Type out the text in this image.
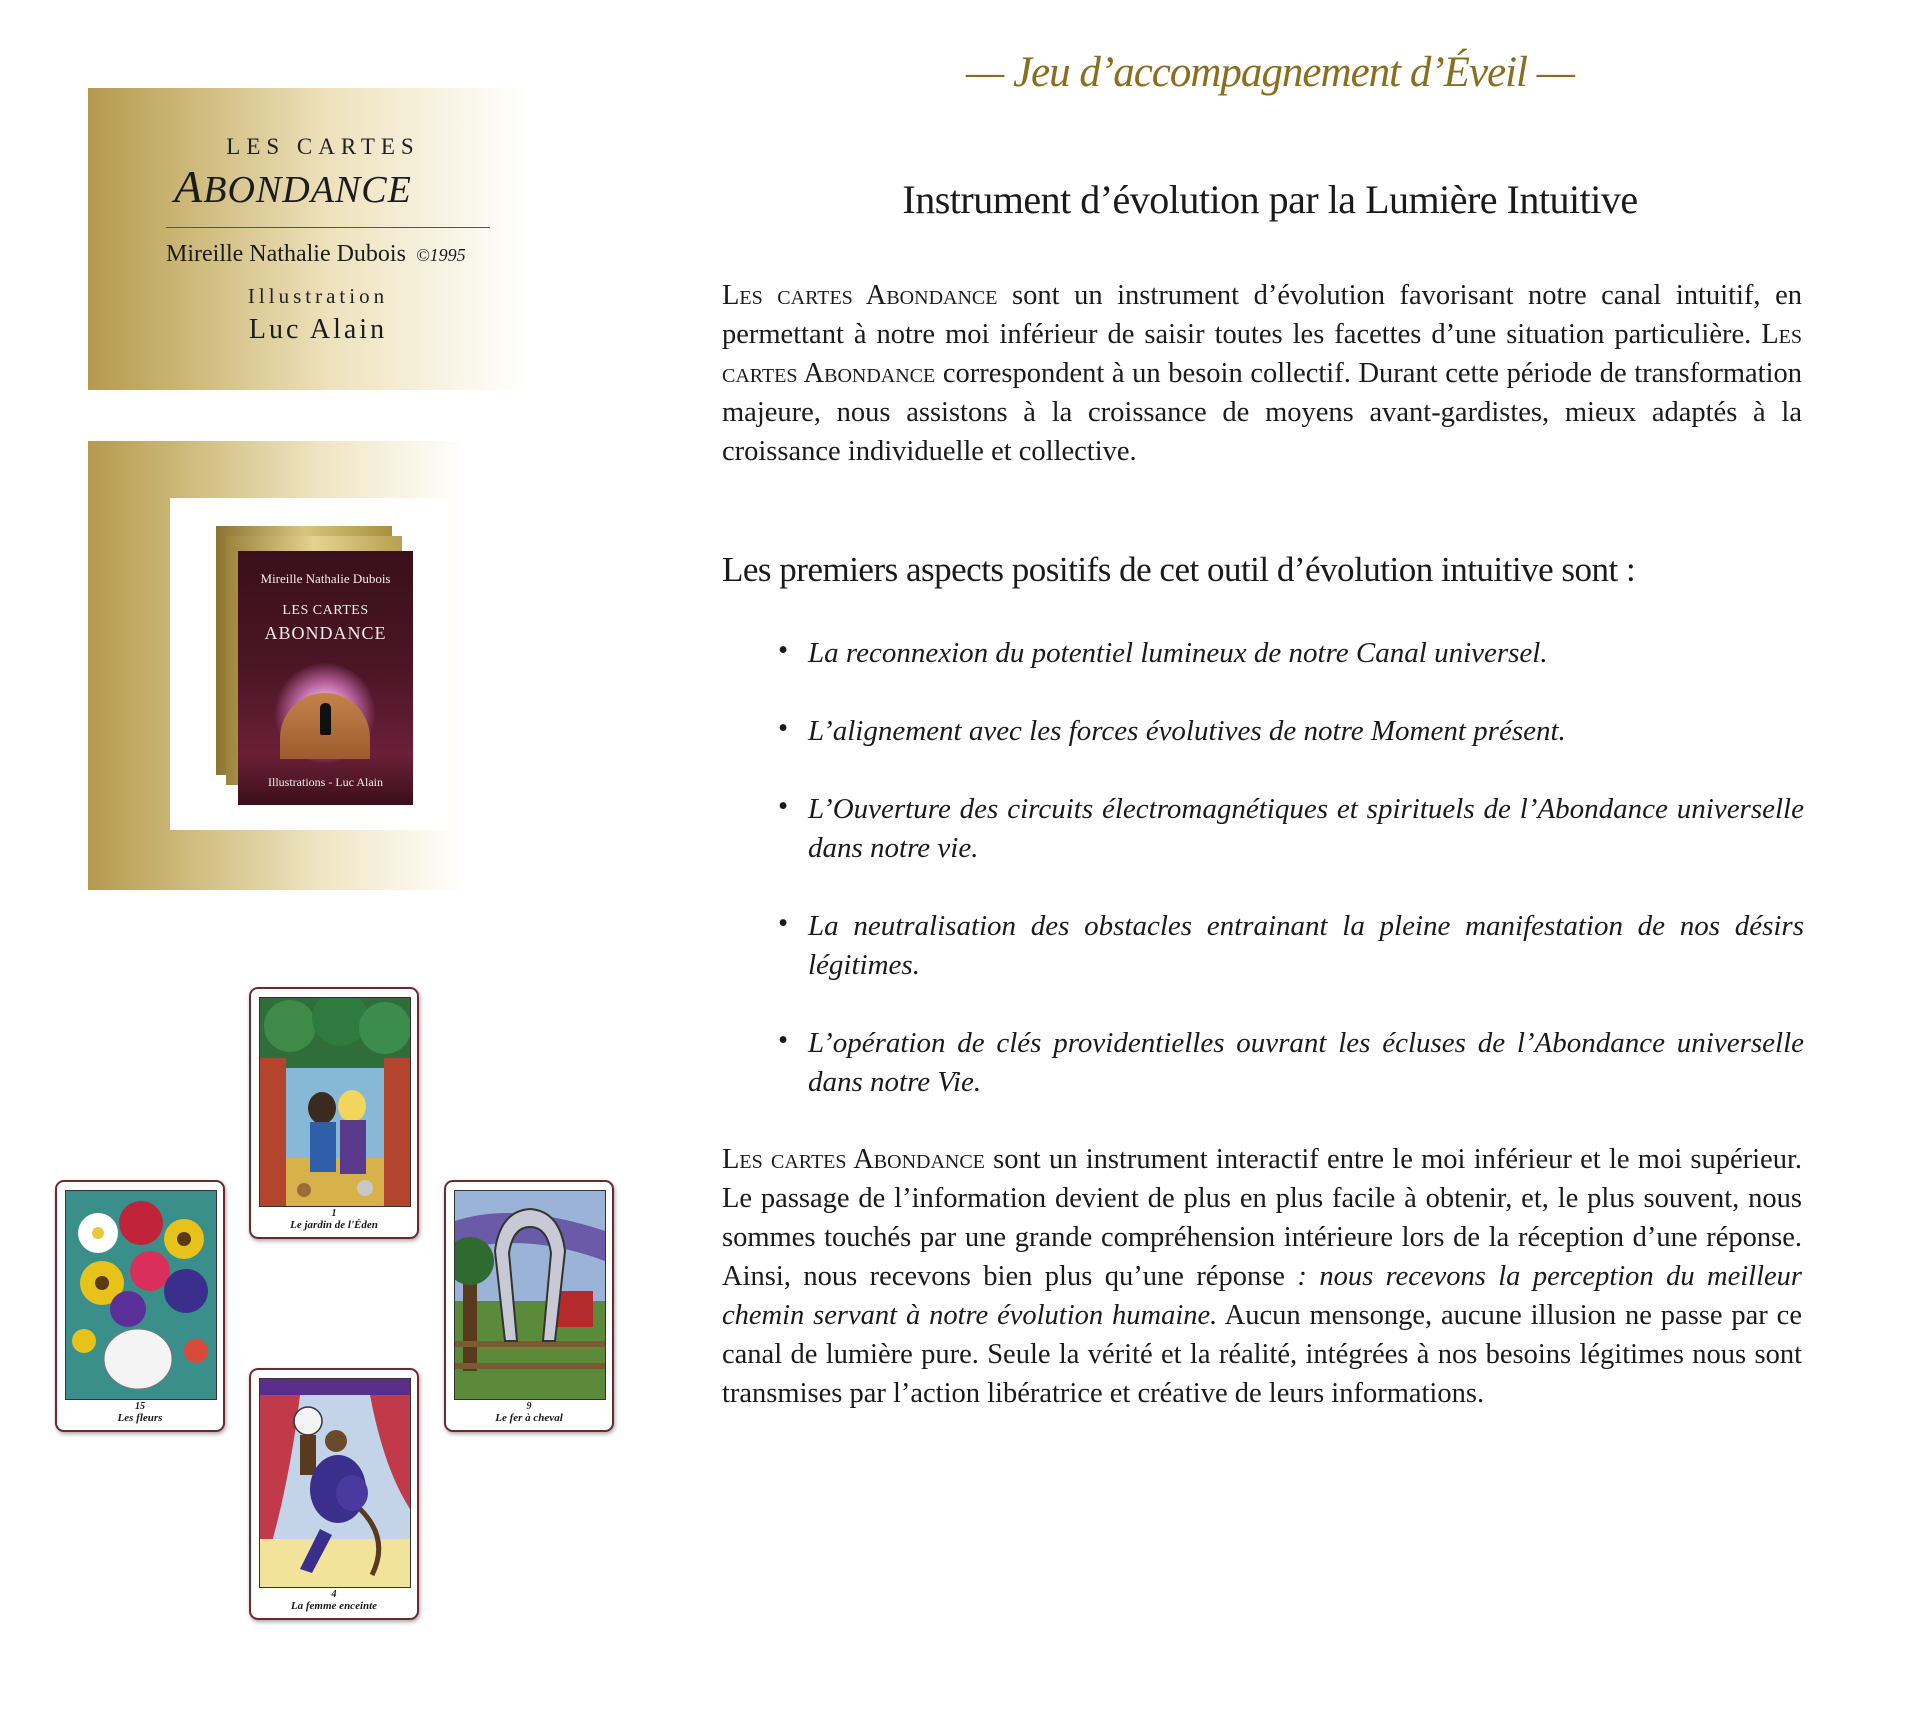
LES CARTES
ABONDANCE
Mireille Nathalie Dubois ©1995
Illustration
Luc Alain
Mireille Nathalie Dubois
LES CARTES
ABONDANCE
Illustrations - Luc Alain
1
Le jardin de l'Éden
15
Les fleurs
9
Le fer à cheval
4
La femme enceinte
— Jeu d’accompagnement d’Éveil —
Instrument d’évolution par la Lumière Intuitive
Les cartes Abondance sont un instrument d’évolution favorisant notre canal intuitif, en permettant à notre moi inférieur de saisir toutes les facettes d’une situation particulière. Les cartes Abondance correspondent à un besoin collectif. Durant cette période de transformation majeure, nous assistons à la croissance de moyens avant-gardistes, mieux adaptés à la croissance individuelle et collective.
Les premiers aspects positifs de cet outil d’évolution intuitive sont :
• La reconnexion du potentiel lumineux de notre Canal universel.
• L’alignement avec les forces évolutives de notre Moment présent.
• L’Ouverture des circuits électromagnétiques et spirituels de l’Abondance universelle dans notre vie.
• La neutralisation des obstacles entrainant la pleine manifestation de nos désirs légitimes.
• L’opération de clés providentielles ouvrant les écluses de l’Abondance universelle dans notre Vie.
Les cartes Abondance sont un instrument interactif entre le moi inférieur et le moi supérieur. Le passage de l’information devient de plus en plus facile à obtenir, et, le plus souvent, nous sommes touchés par une grande compréhension intérieure lors de la réception d’une réponse. Ainsi, nous recevons bien plus qu’une réponse : nous recevons la perception du meilleur chemin servant à notre évolution humaine. Aucun mensonge, aucune illusion ne passe par ce canal de lumière pure. Seule la vérité et la réalité, intégrées à nos besoins légitimes nous sont transmises par l’action libératrice et créative de leurs informations.
